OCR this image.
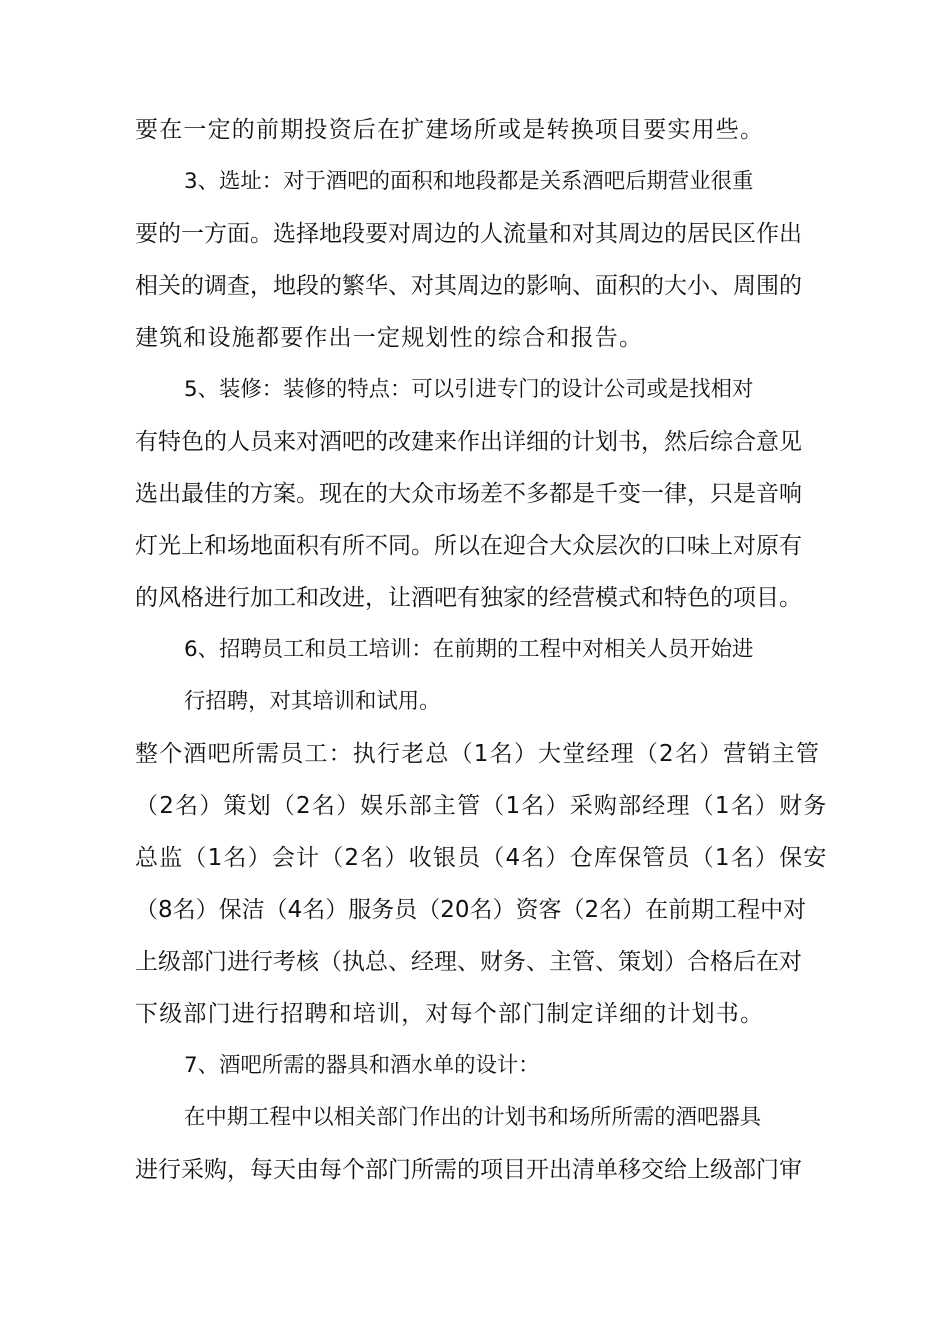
要在一定的前期投资后在扩建场所或是转换项目要实用些。
3、选址：对于酒吧的面积和地段都是关系酒吧后期营业很重
要的一方面。选择地段要对周边的人流量和对其周边的居民区作出
相关的调查，地段的繁华、对其周边的影响、面积的大小、周围的
建筑和设施都要作出一定规划性的综合和报告。
5、装修：装修的特点：可以引进专门的设计公司或是找相对
有特色的人员来对酒吧的改建来作出详细的计划书，然后综合意见
选出最佳的方案。现在的大众市场差不多都是千变一律，只是音响
灯光上和场地面积有所不同。所以在迎合大众层次的口味上对原有
的风格进行加工和改进，让酒吧有独家的经营模式和特色的项目。
6、招聘员工和员工培训：在前期的工程中对相关人员开始进
行招聘，对其培训和试用。
整个酒吧所需员工：执行老总（1名）大堂经理（2名）营销主管
（2名）策划（2名）娱乐部主管（1名）采购部经理（1名）财务
总监（1名）会计（2名）收银员（4名）仓库保管员（1名）保安
（8名）保洁（4名）服务员（20名）资客（2名）在前期工程中对
上级部门进行考核（执总、经理、财务、主管、策划）合格后在对
下级部门进行招聘和培训，对每个部门制定详细的计划书。
7、酒吧所需的器具和酒水单的设计：
在中期工程中以相关部门作出的计划书和场所所需的酒吧器具
进行采购，每天由每个部门所需的项目开出清单移交给上级部门审
